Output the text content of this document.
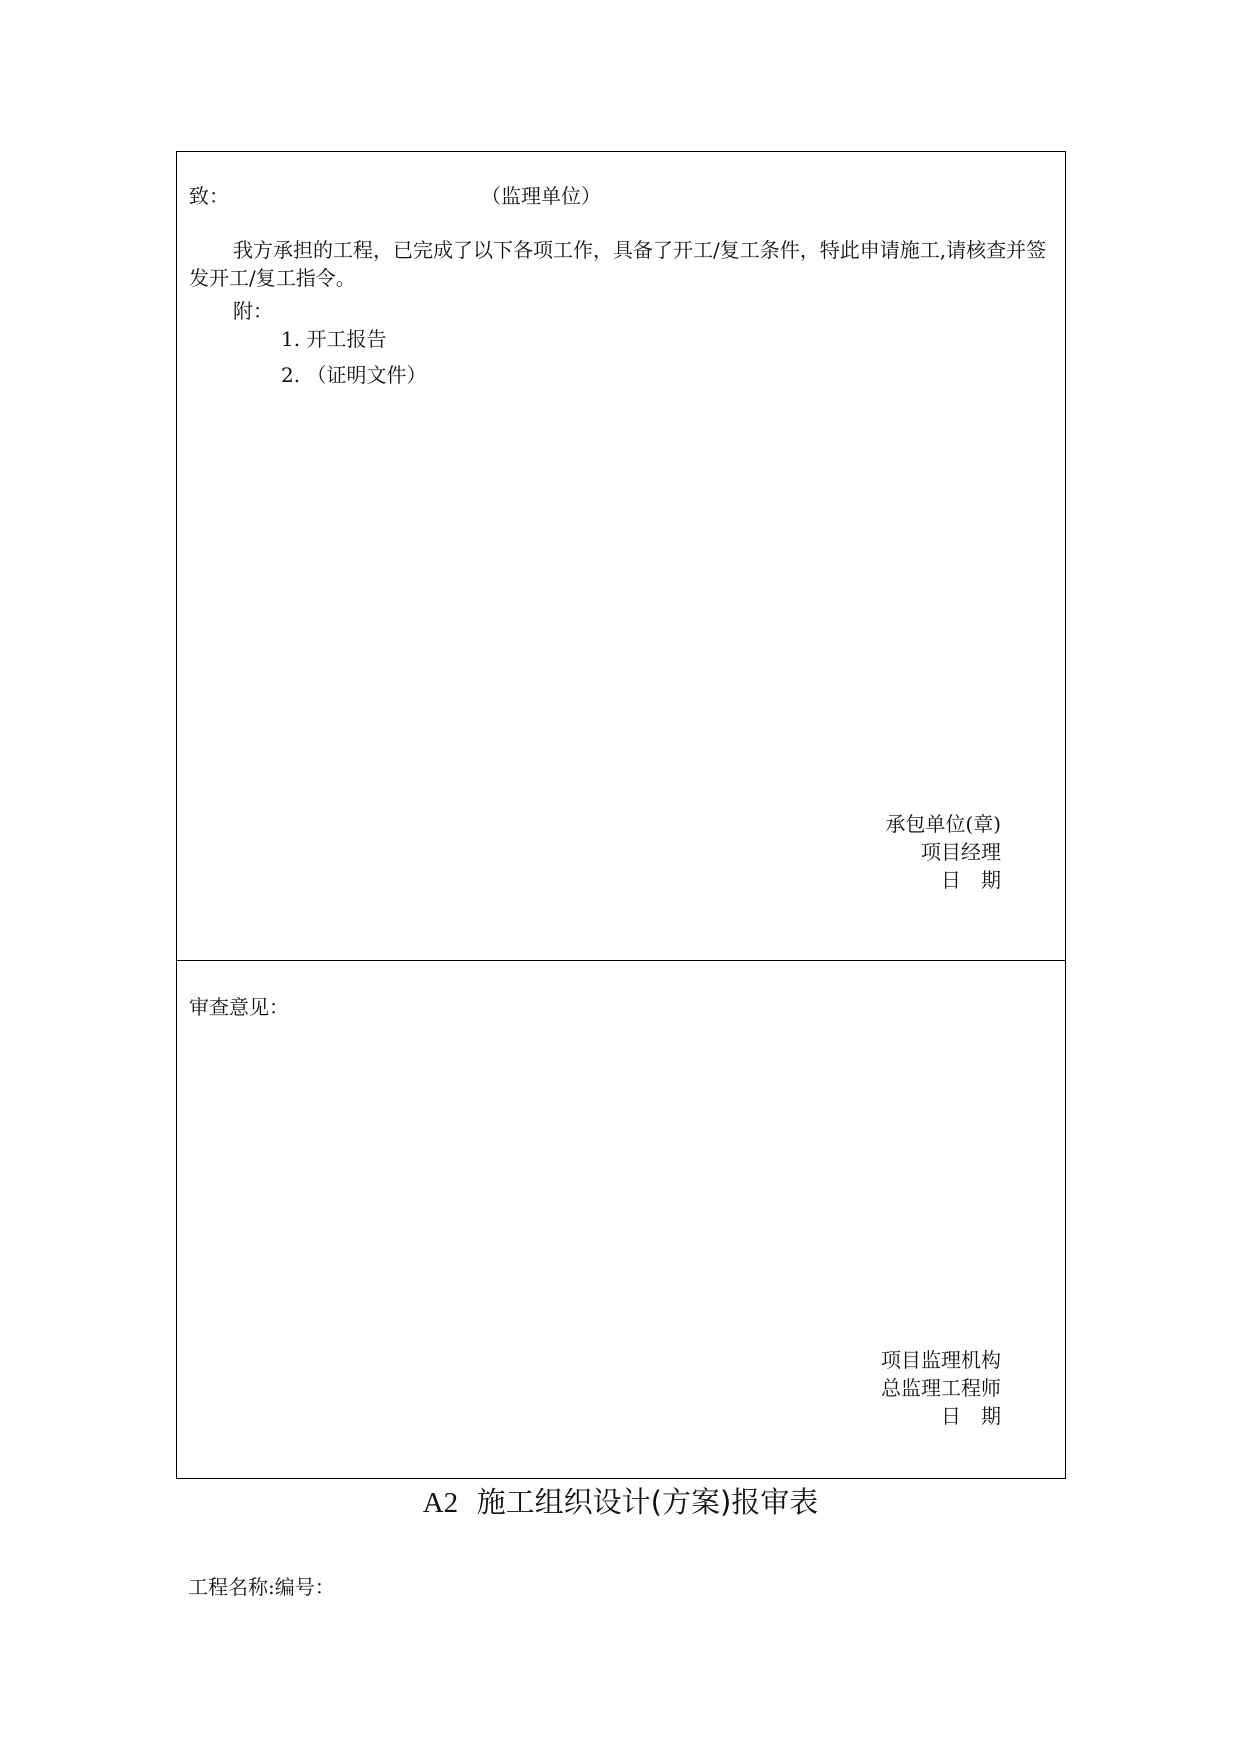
致：	（监理单位）
我方承担的工程，已完成了以下各项工作，具备了开工/复工条件，特此申请施工,请核查并签发开工/复工指令。
附：
1. 开工报告
2. （证明文件）
承包单位(章)
项目经理
日　期
审查意见：
项目监理机构
总监理工程师
日　期
A2 施工组织设计(方案)报审表
工程名称:编号：
